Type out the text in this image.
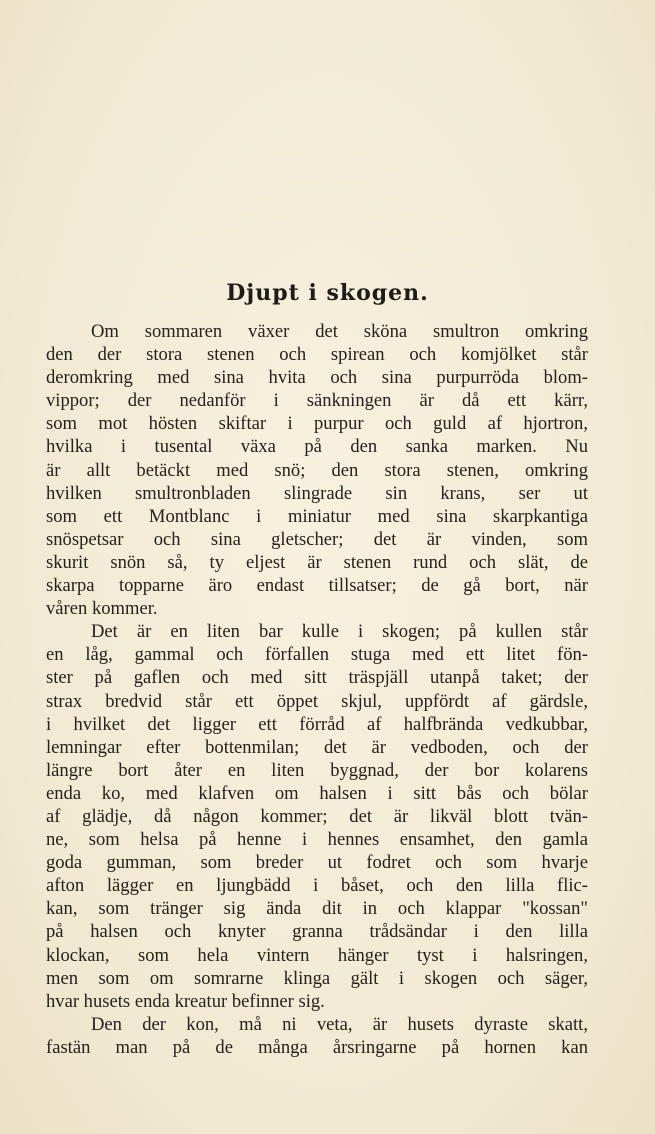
Djupt i skogen.
Om sommaren växer det sköna smultron omkring
den der stora stenen och spirean och komjölket står
deromkring med sina hvita och sina purpurröda blom-
vippor; der nedanför i sänkningen är då ett kärr,
som mot hösten skiftar i purpur och guld af hjortron,
hvilka i tusental växa på den sanka marken. Nu
är allt betäckt med snö; den stora stenen, omkring
hvilken smultronbladen slingrade sin krans, ser ut
som ett Montblanc i miniatur med sina skarpkantiga
snöspetsar och sina gletscher; det är vinden, som
skurit snön så, ty eljest är stenen rund och slät, de
skarpa topparne äro endast tillsatser; de gå bort, när
våren kommer.
Det är en liten bar kulle i skogen; på kullen står
en låg, gammal och förfallen stuga med ett litet fön-
ster på gaflen och med sitt träspjäll utanpå taket; der
strax bredvid står ett öppet skjul, uppfördt af gärdsle,
i hvilket det ligger ett förråd af halfbrända vedkubbar,
lemningar efter bottenmilan; det är vedboden, och der
längre bort åter en liten byggnad, der bor kolarens
enda ko, med klafven om halsen i sitt bås och bölar
af glädje, då någon kommer; det är likväl blott tvän-
ne, som helsa på henne i hennes ensamhet, den gamla
goda gumman, som breder ut fodret och som hvarje
afton lägger en ljungbädd i båset, och den lilla flic-
kan, som tränger sig ända dit in och klappar "kossan"
på halsen och knyter granna trådsändar i den lilla
klockan, som hela vintern hänger tyst i halsringen,
men som om somrarne klinga gält i skogen och säger,
hvar husets enda kreatur befinner sig.
Den der kon, må ni veta, är husets dyraste skatt,
fastän man på de många årsringarne på hornen kan
